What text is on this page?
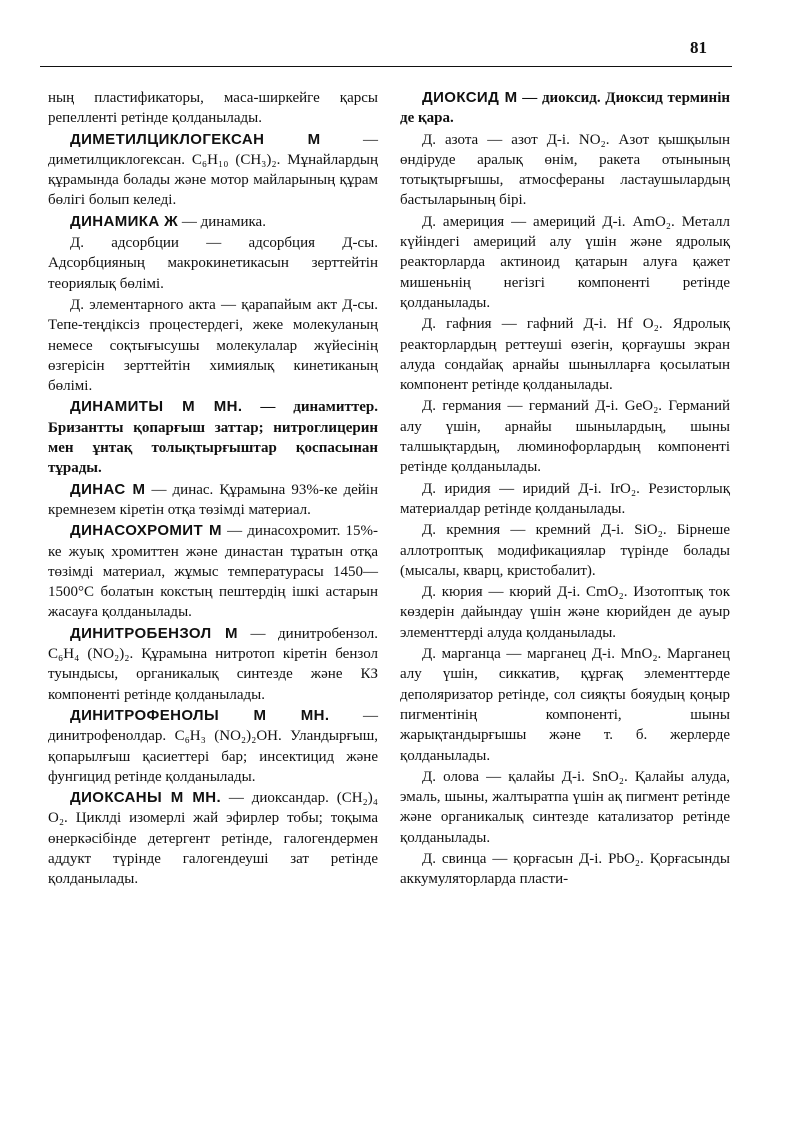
81

ның пластификаторы, маса-ширкейге қарсы репелленті ретінде қолданылады.

ДИМЕТИЛЦИКЛОГЕКСАН М — диметилциклогексан. C₆H₁₀ (CH₃)₂. Мұнайлардың құрамында болады және мотор майларының құрам бөлігі болып келеді.

ДИНАМИКА Ж — динамика.

Д. адсорбции — адсорбция Д-сы. Адсорбцияның макрокинетикасын зерттейтін теориялық бөлімі.

Д. элементарного акта — қарапайым акт Д-сы. Тепе-теңдіксіз процестердегі, жеке молекуланың немесе соқтығысушы молекулалар жүйесінің өзгерісін зерттейтін химиялық кинетиканың бөлімі.

ДИНАМИТЫ М МН. — динамиттер. Бризантты қопарғыш заттар; нитроглицерин мен ұнтақ толықтырғыштар қоспасынан тұрады.

ДИНАС М — динас. Құрамына 93%-ке дейін кремнезем кіретін отқа төзімді материал.

ДИНАСОХРОМИТ М — динасохромит. 15%-ке жуық хромиттен және династан тұратын отқа төзімді материал, жұмыс температурасы 1450—1500°C болатын кокстың пештердің ішкі астарын жасауға қолданылады.

ДИНИТРОБЕНЗОЛ М — динитробензол. C₆H₄ (NO₂)₂. Құрамына нитротоп кіретін бензол туындысы, органикалық синтезде және КЗ компоненті ретінде қолданылады.

ДИНИТРОФЕНОЛЫ М МН. — динитрофенолдар. C₆H₃ (NO₂)₂OH. Уландырғыш, қопарылғыш қасиеттері бар; инсектицид және фунгицид ретінде қолданылады.

ДИОКСАНЫ М МН. — диоксандар. (CH₂)₄ O₂. Циклді изомерлі жай эфирлер тобы; тоқыма өнеркәсібінде детергент ретінде, галогендермен аддукт түрінде галогендеуші зат ретінде қолданылады.

ДИОКСИД М — диоксид. Диоксид терминін де қара.

Д. азота — азот Д-і. NO₂. Азот қышқылын өндіруде аралық өнім, ракета отынының тотықтырғышы, атмосфераны ластаушылардың бастыларының бірі.

Д. америция — америций Д-і. AmO₂. Металл күйіндегі америций алу үшін және ядролық реакторларда актиноид қатарын алуға қажет мишеньнің негізгі компоненті ретінде қолданылады.

Д. гафния — гафний Д-і. Hf O₂. Ядролық реакторлардың реттеуші өзегін, қорғаушы экран алуда сондайақ арнайы шынылларға қосылатын компонент ретінде қолданылады.

Д. германия — германий Д-і. GeO₂. Германий алу үшін, арнайы шынылардың, шыны талшықтардың, люминофорлардың компоненті ретінде қолданылады.

Д. иридия — иридий Д-і. IrO₂. Резисторлық материалдар ретінде қолданылады.

Д. кремния — кремний Д-і. SiO₂. Бірнеше аллотроптық модификациялар түрінде болады (мысалы, кварц, кристобалит).

Д. кюрия — кюрий Д-і. CmO₂. Изотоптық ток көздерін дайындау үшін және кюрийден де ауыр элементтерді алуда қолданылады.

Д. марганца — марганец Д-і. MnO₂. Марганец алу үшін, сиккатив, құрғақ элементтерде деполяризатор ретінде, сол сияқты бояудың қоңыр пигментінің компоненті, шыны жарықтандырғышы және т. б. жерлерде қолданылады.

Д. олова — қалайы Д-і. SnO₂. Қалайы алуда, эмаль, шыны, жалтыратпа үшін ақ пигмент ретінде және органикалық синтезде катализатор ретінде қолданылады.

Д. свинца — қорғасын Д-і. PbO₂. Қорғасынды аккумуляторларда пласти-
